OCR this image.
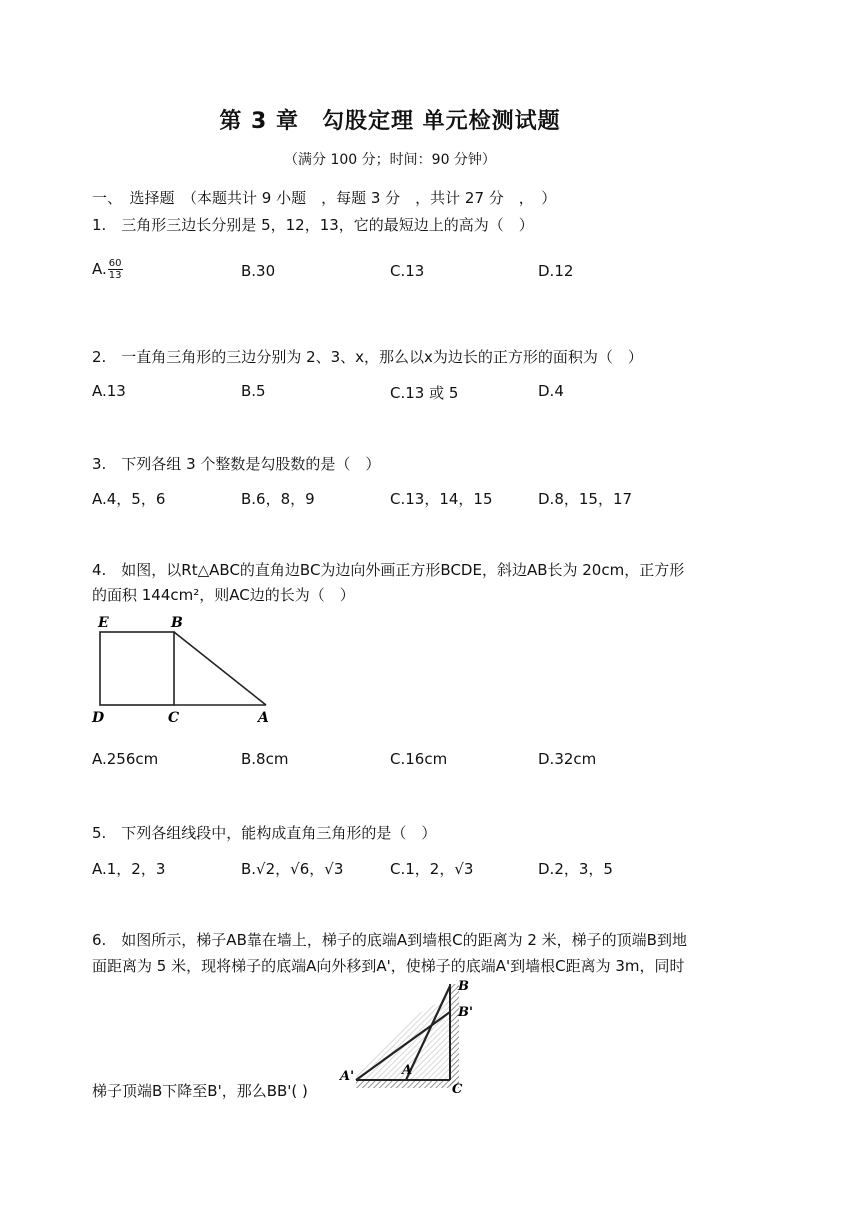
第 3 章　勾股定理 单元检测试题
（满分 100 分；时间：90 分钟）
一、　选择题　（本题共计 9 小题　，每题 3 分　，共计 27 分　，　）
1.　三角形三边长分别是 5，12，13，它的最短边上的高为（　）
A. $\frac{60}{13}$	B.30	C.13	D.12
2.　一直角三角形的三边分别为 2、3、x，那么以x为边长的正方形的面积为（　）
A.13	B.5	C.13 或 5	D.4
3.　下列各组 3 个整数是勾股数的是（　）
A.4，5，6	B.6，8，9	C.13，14，15	D.8，15，17
4.　如图，以Rt△ABC的直角边BC为边向外画正方形BCDE，斜边AB长为 20cm，正方形
的面积 144cm²，则AC边的长为（　）
E	B
D	C	A
A.256cm	B.8cm	C.16cm	D.32cm
5.　下列各组线段中，能构成直角三角形的是（　）
A.1，2，3	B.√2，√6，√3	C.1，2，√3	D.2，3，5
6.　如图所示，梯子AB靠在墙上，梯子的底端A到墙根C的距离为 2 米，梯子的顶端B到地
面距离为 5 米，现将梯子的底端A向外移到A'，使梯子的底端A'到墙根C距离为 3m，同时
B
B'
A'	A
C
梯子顶端B下降至B'，那么BB'( )
